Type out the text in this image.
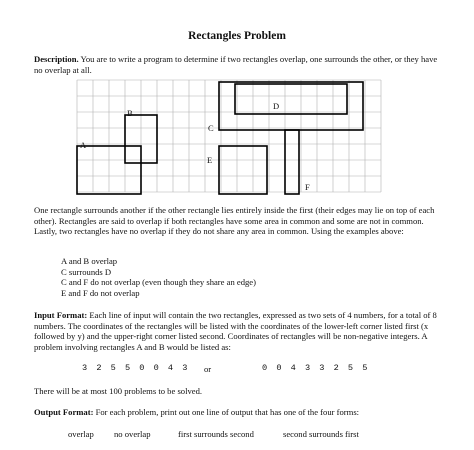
Rectangles Problem
Description. You are to write a program to determine if two rectangles overlap, one surrounds the other, or they have no overlap at all.
B
A
C
D
E
F
One rectangle surrounds another if the other rectangle lies entirely inside the first (their edges may lie on top of each other). Rectangles are said to overlap if both rectangles have some area in common and some are not in common. Lastly, two rectangles have no overlap if they do not share any area in common. Using the examples above:
A and B overlap
C surrounds D
C and F do not overlap (even though they share an edge)
E and F do not overlap
Input Format: Each line of input will contain the two rectangles, expressed as two sets of 4 numbers, for a total of 8 numbers. The coordinates of the rectangles will be listed with the coordinates of the lower-left corner listed first (x followed by y) and the upper-right corner listed second. Coordinates of rectangles will be non-negative integers. A problem involving rectangles A and B would be listed as:
3 2 5 5 0 0 4 3 or	0 0 4 3 3 2 5 5
There will be at most 100 problems to be solved.
Output Format: For each problem, print out one line of output that has one of the four forms:
overlap no overlap	first surrounds second	second surrounds first
